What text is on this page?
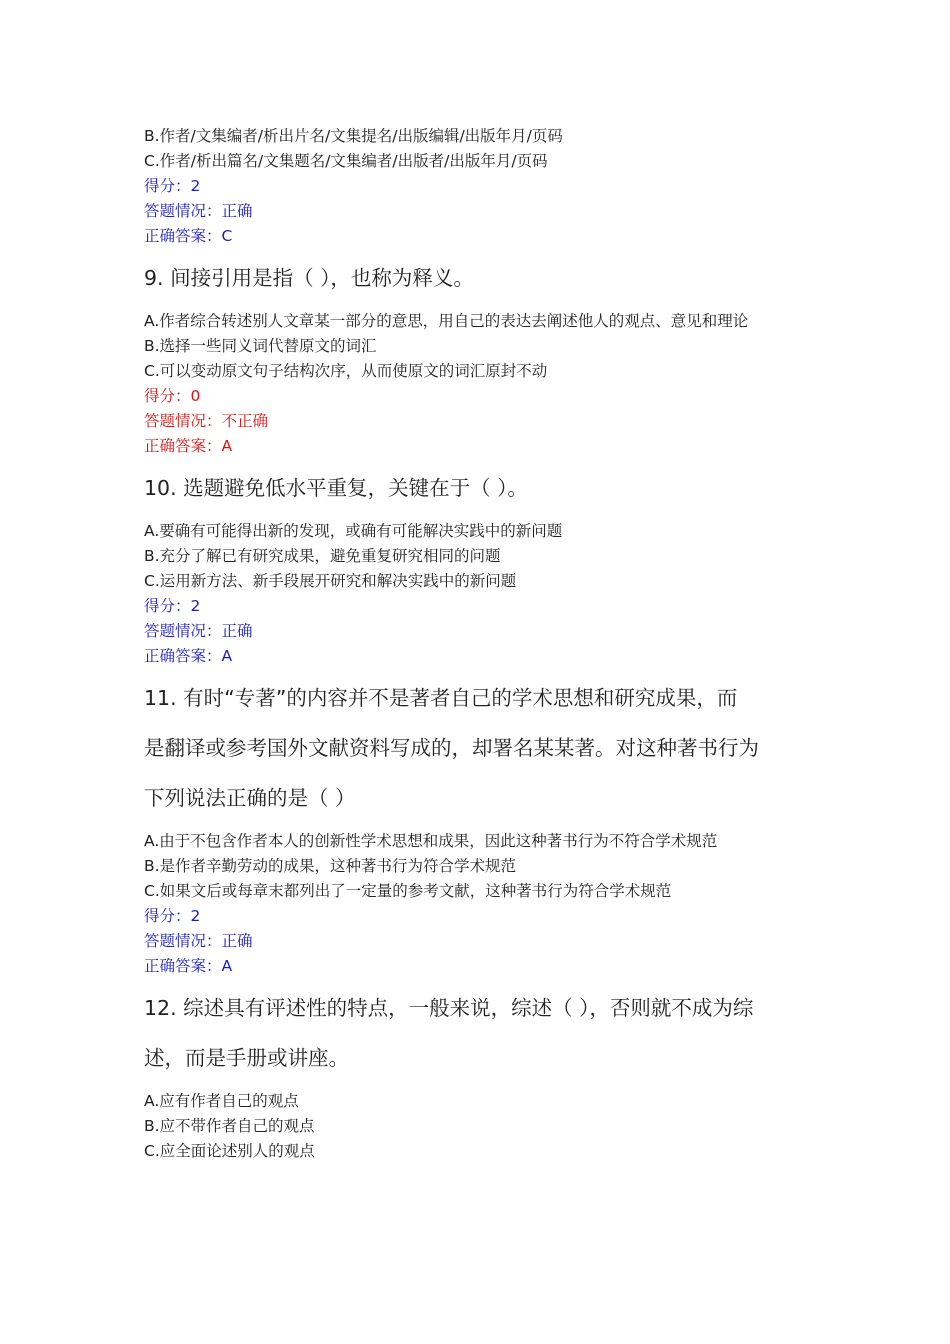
B.作者/文集编者/析出片名/文集提名/出版编辑/出版年月/页码
C.作者/析出篇名/文集题名/文集编者/出版者/出版年月/页码
得分：2
答题情况：正确
正确答案：C
9. 间接引用是指（ ），也称为释义。
A.作者综合转述别人文章某一部分的意思，用自己的表达去阐述他人的观点、意见和理论
B.选择一些同义词代替原文的词汇
C.可以变动原文句子结构次序，从而使原文的词汇原封不动
得分：0
答题情况：不正确
正确答案：A
10. 选题避免低水平重复，关键在于（ ）。
A.要确有可能得出新的发现，或确有可能解决实践中的新问题
B.充分了解已有研究成果，避免重复研究相同的问题
C.运用新方法、新手段展开研究和解决实践中的新问题
得分：2
答题情况：正确
正确答案：A
11. 有时“专著”的内容并不是著者自己的学术思想和研究成果，而
是翻译或参考国外文献资料写成的，却署名某某著。对这种著书行为
下列说法正确的是（ ）
A.由于不包含作者本人的创新性学术思想和成果，因此这种著书行为不符合学术规范
B.是作者辛勤劳动的成果，这种著书行为符合学术规范
C.如果文后或每章末都列出了一定量的参考文献，这种著书行为符合学术规范
得分：2
答题情况：正确
正确答案：A
12. 综述具有评述性的特点，一般来说，综述（ ），否则就不成为综
述，而是手册或讲座。
A.应有作者自己的观点
B.应不带作者自己的观点
C.应全面论述别人的观点
